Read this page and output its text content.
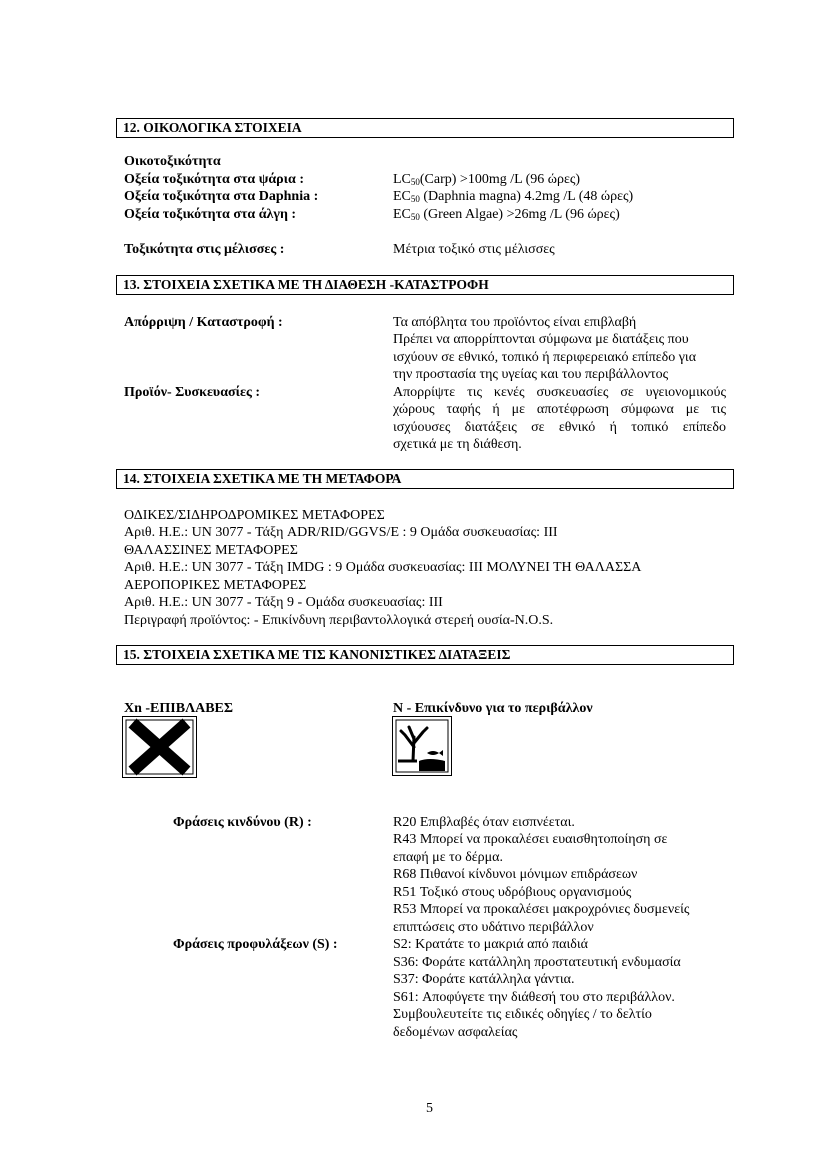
12. ΟΙΚΟΛΟΓΙΚΑ ΣΤΟΙΧΕΙΑ
Οικοτοξικότητα
Οξεία τοξικότητα στα ψάρια :	$LC_{50}(Carp) >100mg$ /L (96 ώρες)
Οξεία τοξικότητα στα Daphnia :	$EC_{50}$ (Daphnia magna) 4.2mg /L (48 ώρες)
Οξεία τοξικότητα στα άλγη :	$EC_{50}$ (Green Algae) >26mg /L (96 ώρες)
Τοξικότητα στις μέλισσες :	Μέτρια τοξικό στις μέλισσες
13. ΣΤΟΙΧΕΙΑ ΣΧΕΤΙΚΑ ΜΕ ΤΗ ΔΙΑΘΕΣΗ -ΚΑΤΑΣΤΡΟΦΗ
Απόρριψη / Καταστροφή :	Τα απόβλητα του προϊόντος είναι επιβλαβή
Πρέπει να απορρίπτονται σύμφωνα με διατάξεις που
ισχύουν σε εθνικό, τοπικό ή περιφερειακό επίπεδο για
την προστασία της υγείας και του περιβάλλοντος
Προϊόν- Συσκευασίες :	Απορρίψτε τις κενές συσκευασίες σε υγειονομικούς
χώρους ταφής ή με αποτέφρωση σύμφωνα με τις
ισχύουσες διατάξεις σε εθνικό ή τοπικό επίπεδο
σχετικά με τη διάθεση.
14. ΣΤΟΙΧΕΙΑ ΣΧΕΤΙΚΑ ΜΕ ΤΗ ΜΕΤΑΦΟΡΑ
ΟΔΙΚΕΣ/ΣΙΔΗΡΟΔΡΟΜΙΚΕΣ ΜΕΤΑΦΟΡΕΣ
Αριθ. Η.Ε.: UN 3077 - Τάξη ADR/RID/GGVS/E : 9 Ομάδα συσκευασίας: III
ΘΑΛΑΣΣΙΝΕΣ ΜΕΤΑΦΟΡΕΣ
Αριθ. Η.Ε.: UN 3077 - Τάξη IMDG : 9 Ομάδα συσκευασίας: III ΜΟΛΥΝΕΙ ΤΗ ΘΑΛΑΣΣΑ
ΑΕΡΟΠΟΡΙΚΕΣ ΜΕΤΑΦΟΡΕΣ
Αριθ. Η.Ε.: UN 3077 - Τάξη 9 - Ομάδα συσκευασίας: III
Περιγραφή προϊόντος: - Επικίνδυνη περιβαντολλογικά στερεή ουσία-N.O.S.
15. ΣΤΟΙΧΕΙΑ ΣΧΕΤΙΚΑ ΜΕ ΤΙΣ ΚΑΝΟΝΙΣΤΙΚΕΣ ΔΙΑΤΑΞΕΙΣ
Xn -ΕΠΙΒΛΑΒΕΣ	N - Επικίνδυνο για το περιβάλλον
Φράσεις κινδύνου (R) :	R20 Επιβλαβές όταν εισπνέεται.
R43 Μπορεί να προκαλέσει ευαισθητοποίηση σε
επαφή με το δέρμα.
R68 Πιθανοί κίνδυνοι μόνιμων επιδράσεων
R51 Τοξικό στους υδρόβιους οργανισμούς
R53 Μπορεί να προκαλέσει μακροχρόνιες δυσμενείς
επιπτώσεις στο υδάτινο περιβάλλον
Φράσεις προφυλάξεων (S) :	S2: Κρατάτε το μακριά από παιδιά
S36: Φοράτε κατάλληλη προστατευτική ενδυμασία
S37: Φοράτε κατάλληλα γάντια.
S61: Αποφύγετε την διάθεσή του στο περιβάλλον.
Συμβουλευτείτε τις ειδικές οδηγίες / το δελτίο
δεδομένων ασφαλείας
5
